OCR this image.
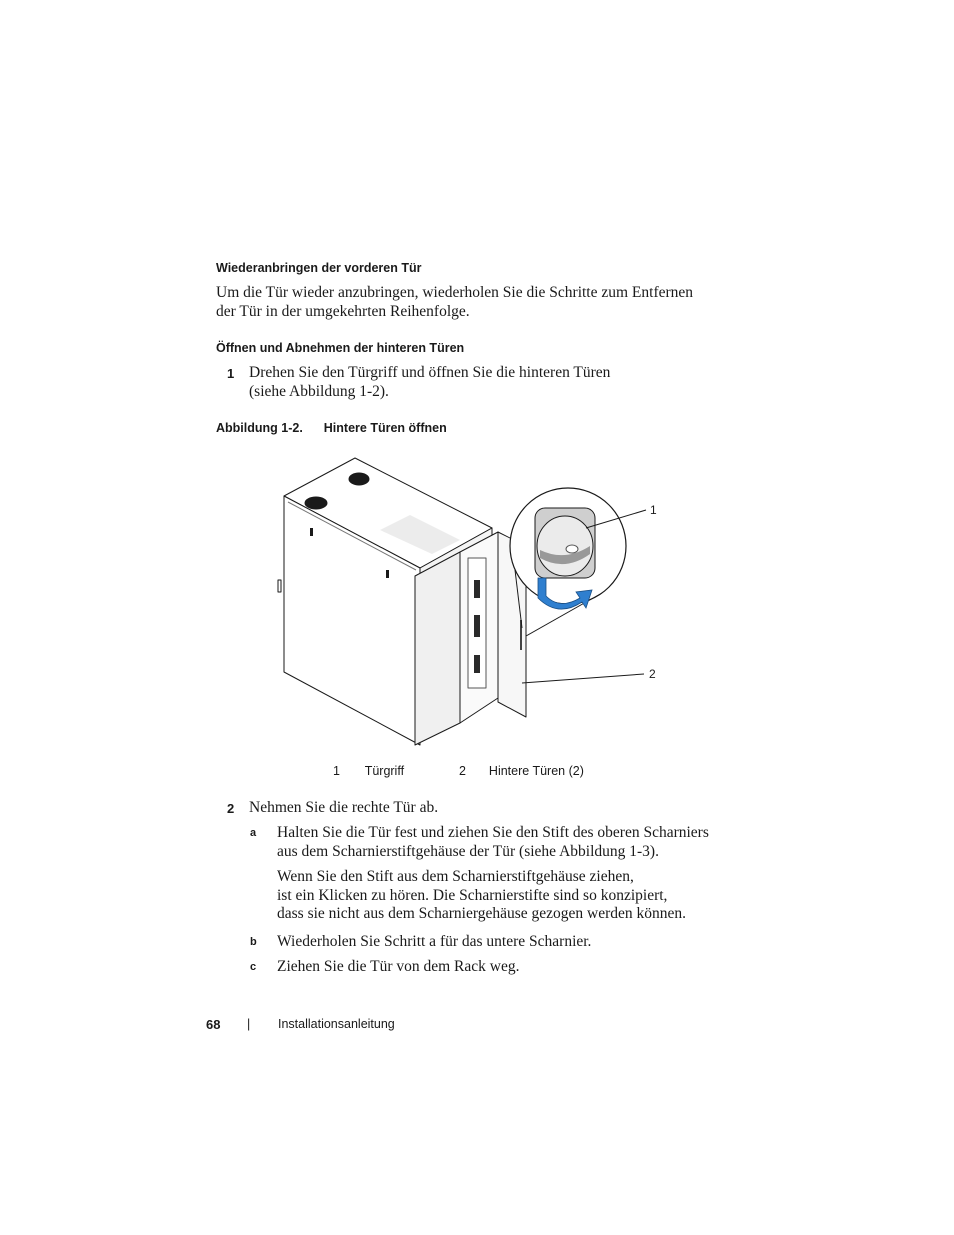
Wiederanbringen der vorderen Tür
Um die Tür wieder anzubringen, wiederholen Sie die Schritte zum Entfernen
der Tür in der umgekehrten Reihenfolge.
Öffnen und Abnehmen der hinteren Türen
1 Drehen Sie den Türgriff und öffnen Sie die hinteren Türen
(siehe Abbildung 1-2).
Abbildung 1-2. Hintere Türen öffnen
1
2
1 Türgriff	2 Hintere Türen (2)
2 Nehmen Sie die rechte Tür ab.
a Halten Sie die Tür fest und ziehen Sie den Stift des oberen Scharniers
aus dem Scharnierstiftgehäuse der Tür (siehe Abbildung 1-3).
Wenn Sie den Stift aus dem Scharnierstiftgehäuse ziehen,
ist ein Klicken zu hören. Die Scharnierstifte sind so konzipiert,
dass sie nicht aus dem Scharniergehäuse gezogen werden können.
b Wiederholen Sie Schritt a für das untere Scharnier.
c Ziehen Sie die Tür von dem Rack weg.
68 | Installationsanleitung
